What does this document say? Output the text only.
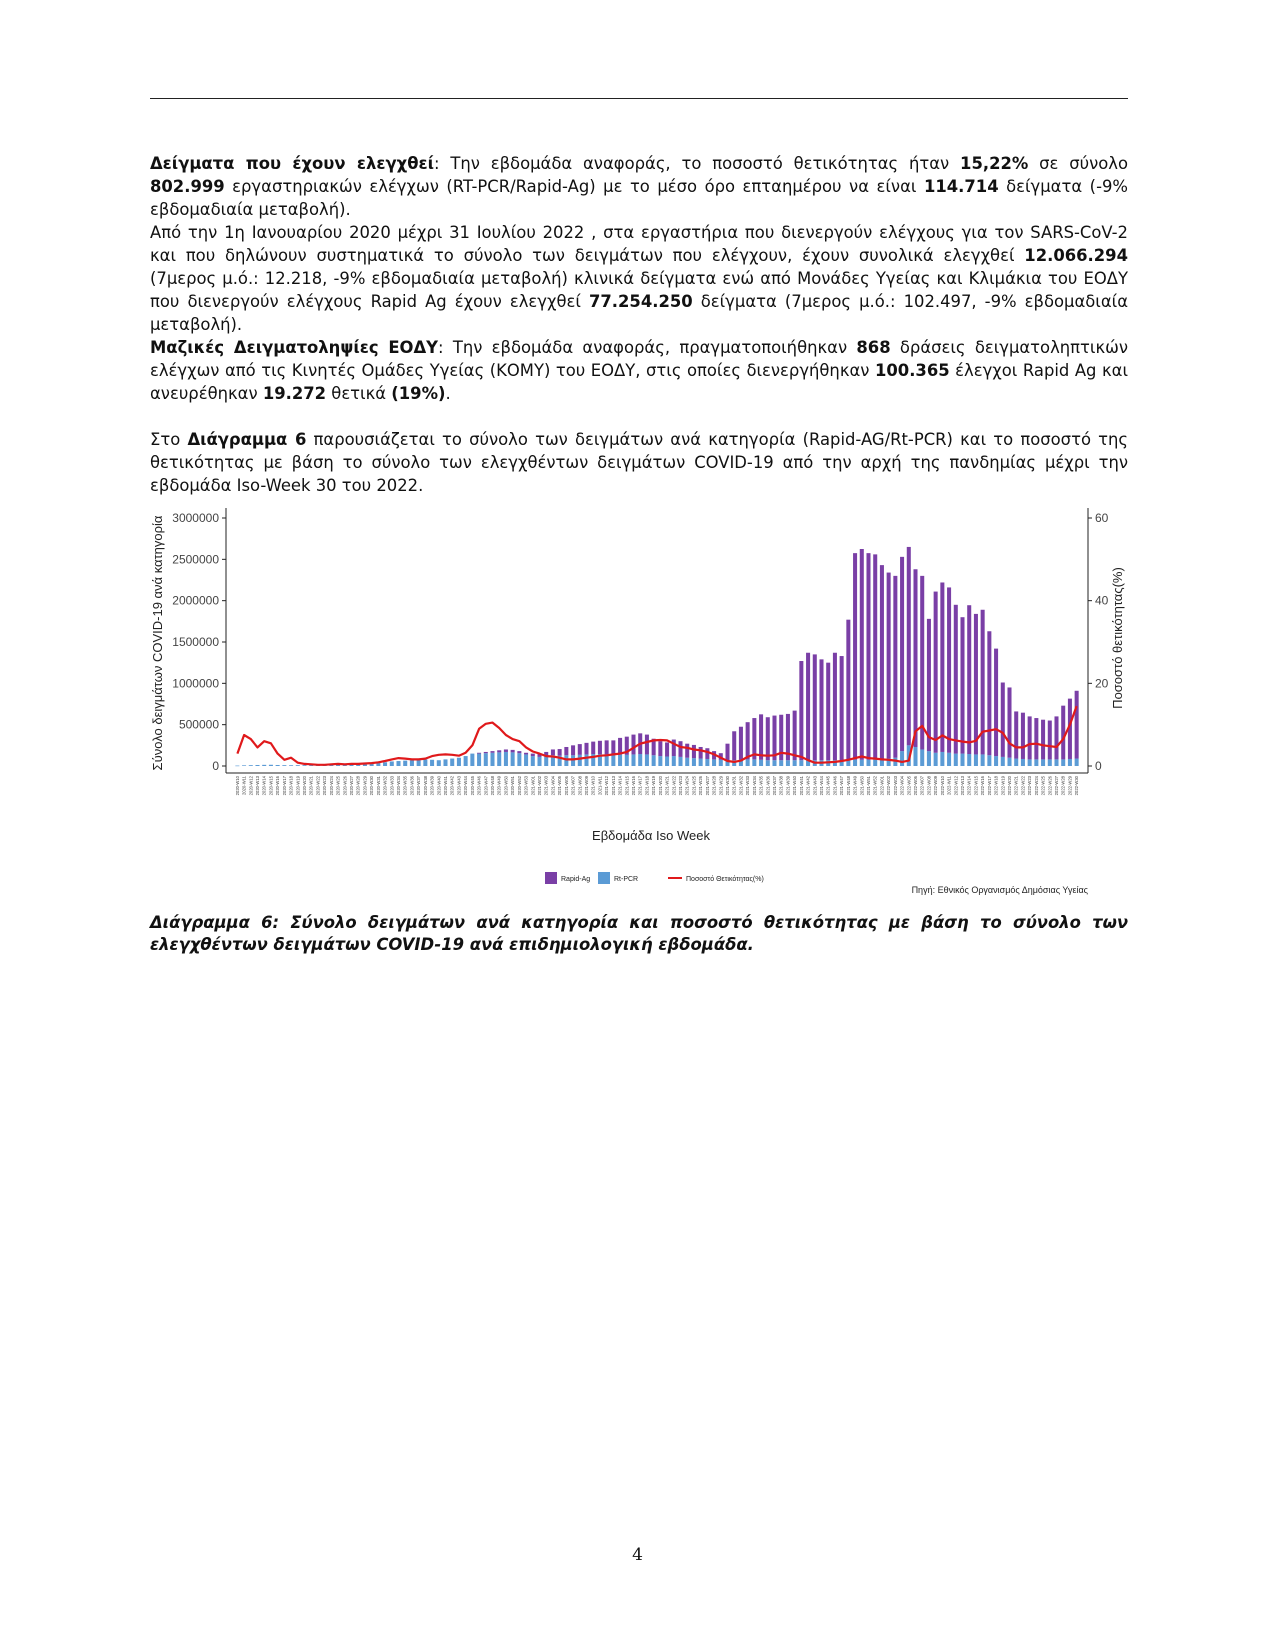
Δείγματα που έχουν ελεγχθεί: Την εβδομάδα αναφοράς, το ποσοστό θετικότητας ήταν 15,22% σε σύνολο 802.999 εργαστηριακών ελέγχων (RT-PCR/Rapid-Ag) με το μέσο όρο επταημέρου να είναι 114.714 δείγματα (-9% εβδομαδιαία μεταβολή).

Από την 1η Ιανουαρίου 2020 μέχρι 31 Ιουλίου 2022 , στα εργαστήρια που διενεργούν ελέγχους για τον SARS-CoV-2 και που δηλώνουν συστηματικά το σύνολο των δειγμάτων που ελέγχουν, έχουν συνολικά ελεγχθεί 12.066.294 (7μερος μ.ό.: 12.218, -9% εβδομαδιαία μεταβολή) κλινικά δείγματα ενώ από Μονάδες Υγείας και Κλιμάκια του ΕΟΔΥ που διενεργούν ελέγχους Rapid Ag έχουν ελεγχθεί 77.254.250 δείγματα (7μερος μ.ό.: 102.497, -9% εβδομαδιαία μεταβολή).

Μαζικές Δειγματοληψίες ΕΟΔΥ: Την εβδομάδα αναφοράς, πραγματοποιήθηκαν 868 δράσεις δειγματοληπτικών ελέγχων από τις Κινητές Ομάδες Υγείας (ΚΟΜΥ) του ΕΟΔΥ, στις οποίες διενεργήθηκαν 100.365 έλεγχοι Rapid Ag και ανευρέθηκαν 19.272 θετικά (19%).

Στο Διάγραμμα 6 παρουσιάζεται το σύνολο των δειγμάτων ανά κατηγορία (Rapid-AG/Rt-PCR) και το ποσοστό της θετικότητας με βάση το σύνολο των ελεγχθέντων δειγμάτων COVID-19 από την αρχή της πανδημίας μέχρι την εβδομάδα Iso-Week 30 του 2022.

0
500000
1000000
1500000
2000000
2500000
3000000
0
20
40
60
2020-W10 2020-W11 2020-W12 2020-W13 2020-W14 2020-W15 2020-W16 2020-W17 2020-W18 2020-W19 2020-W20 2020-W21 2020-W22 2020-W23 2020-W24 2020-W25 2020-W26 2020-W27 2020-W28 2020-W29 2020-W30 2020-W31 2020-W32 2020-W33 2020-W34 2020-W35 2020-W36 2020-W37 2020-W38 2020-W39 2020-W40 2020-W41 2020-W42 2020-W43 2020-W44 2020-W45 2020-W46 2020-W47 2020-W48 2020-W49 2020-W50 2020-W51 2020-W52 2020-W53 2021-W01 2021-W02 2021-W03 2021-W04 2021-W05 2021-W06 2021-W07 2021-W08 2021-W09 2021-W10 2021-W11 2021-W12 2021-W13 2021-W14 2021-W15 2021-W16 2021-W17 2021-W18 2021-W19 2021-W20 2021-W21 2021-W22 2021-W23 2021-W24 2021-W25 2021-W26 2021-W27 2021-W28 2021-W29 2021-W30 2021-W31 2021-W32 2021-W33 2021-W34 2021-W35 2021-W36 2021-W37 2021-W38 2021-W39 2021-W40 2021-W41 2021-W42 2021-W43 2021-W44 2021-W45 2021-W46 2021-W47 2021-W48 2021-W49 2021-W50 2021-W51 2021-W52 2022-W01 2022-W02 2022-W03 2022-W04 2022-W05 2022-W06 2022-W07 2022-W08 2022-W09 2022-W10 2022-W11 2022-W12 2022-W13 2022-W14 2022-W15 2022-W16 2022-W17 2022-W18 2022-W19 2022-W20 2022-W21 2022-W22 2022-W23 2022-W24 2022-W25 2022-W26 2022-W27 2022-W28 2022-W29 2022-W30
Σύνολο δειγμάτων COVID-19 ανά κατηγορία	Ποσοστό θετικότητας(%)
Εβδομάδα Iso Week
Rapid-Ag	Rt-PCR	Ποσοστό Θετικότητας(%)
Πηγή: Εθνικός Οργανισμός Δημόσιας Υγείας

Διάγραμμα 6: Σύνολο δειγμάτων ανά κατηγορία και ποσοστό θετικότητας με βάση το σύνολο των ελεγχθέντων δειγμάτων COVID-19 ανά επιδημιολογική εβδομάδα.

4
